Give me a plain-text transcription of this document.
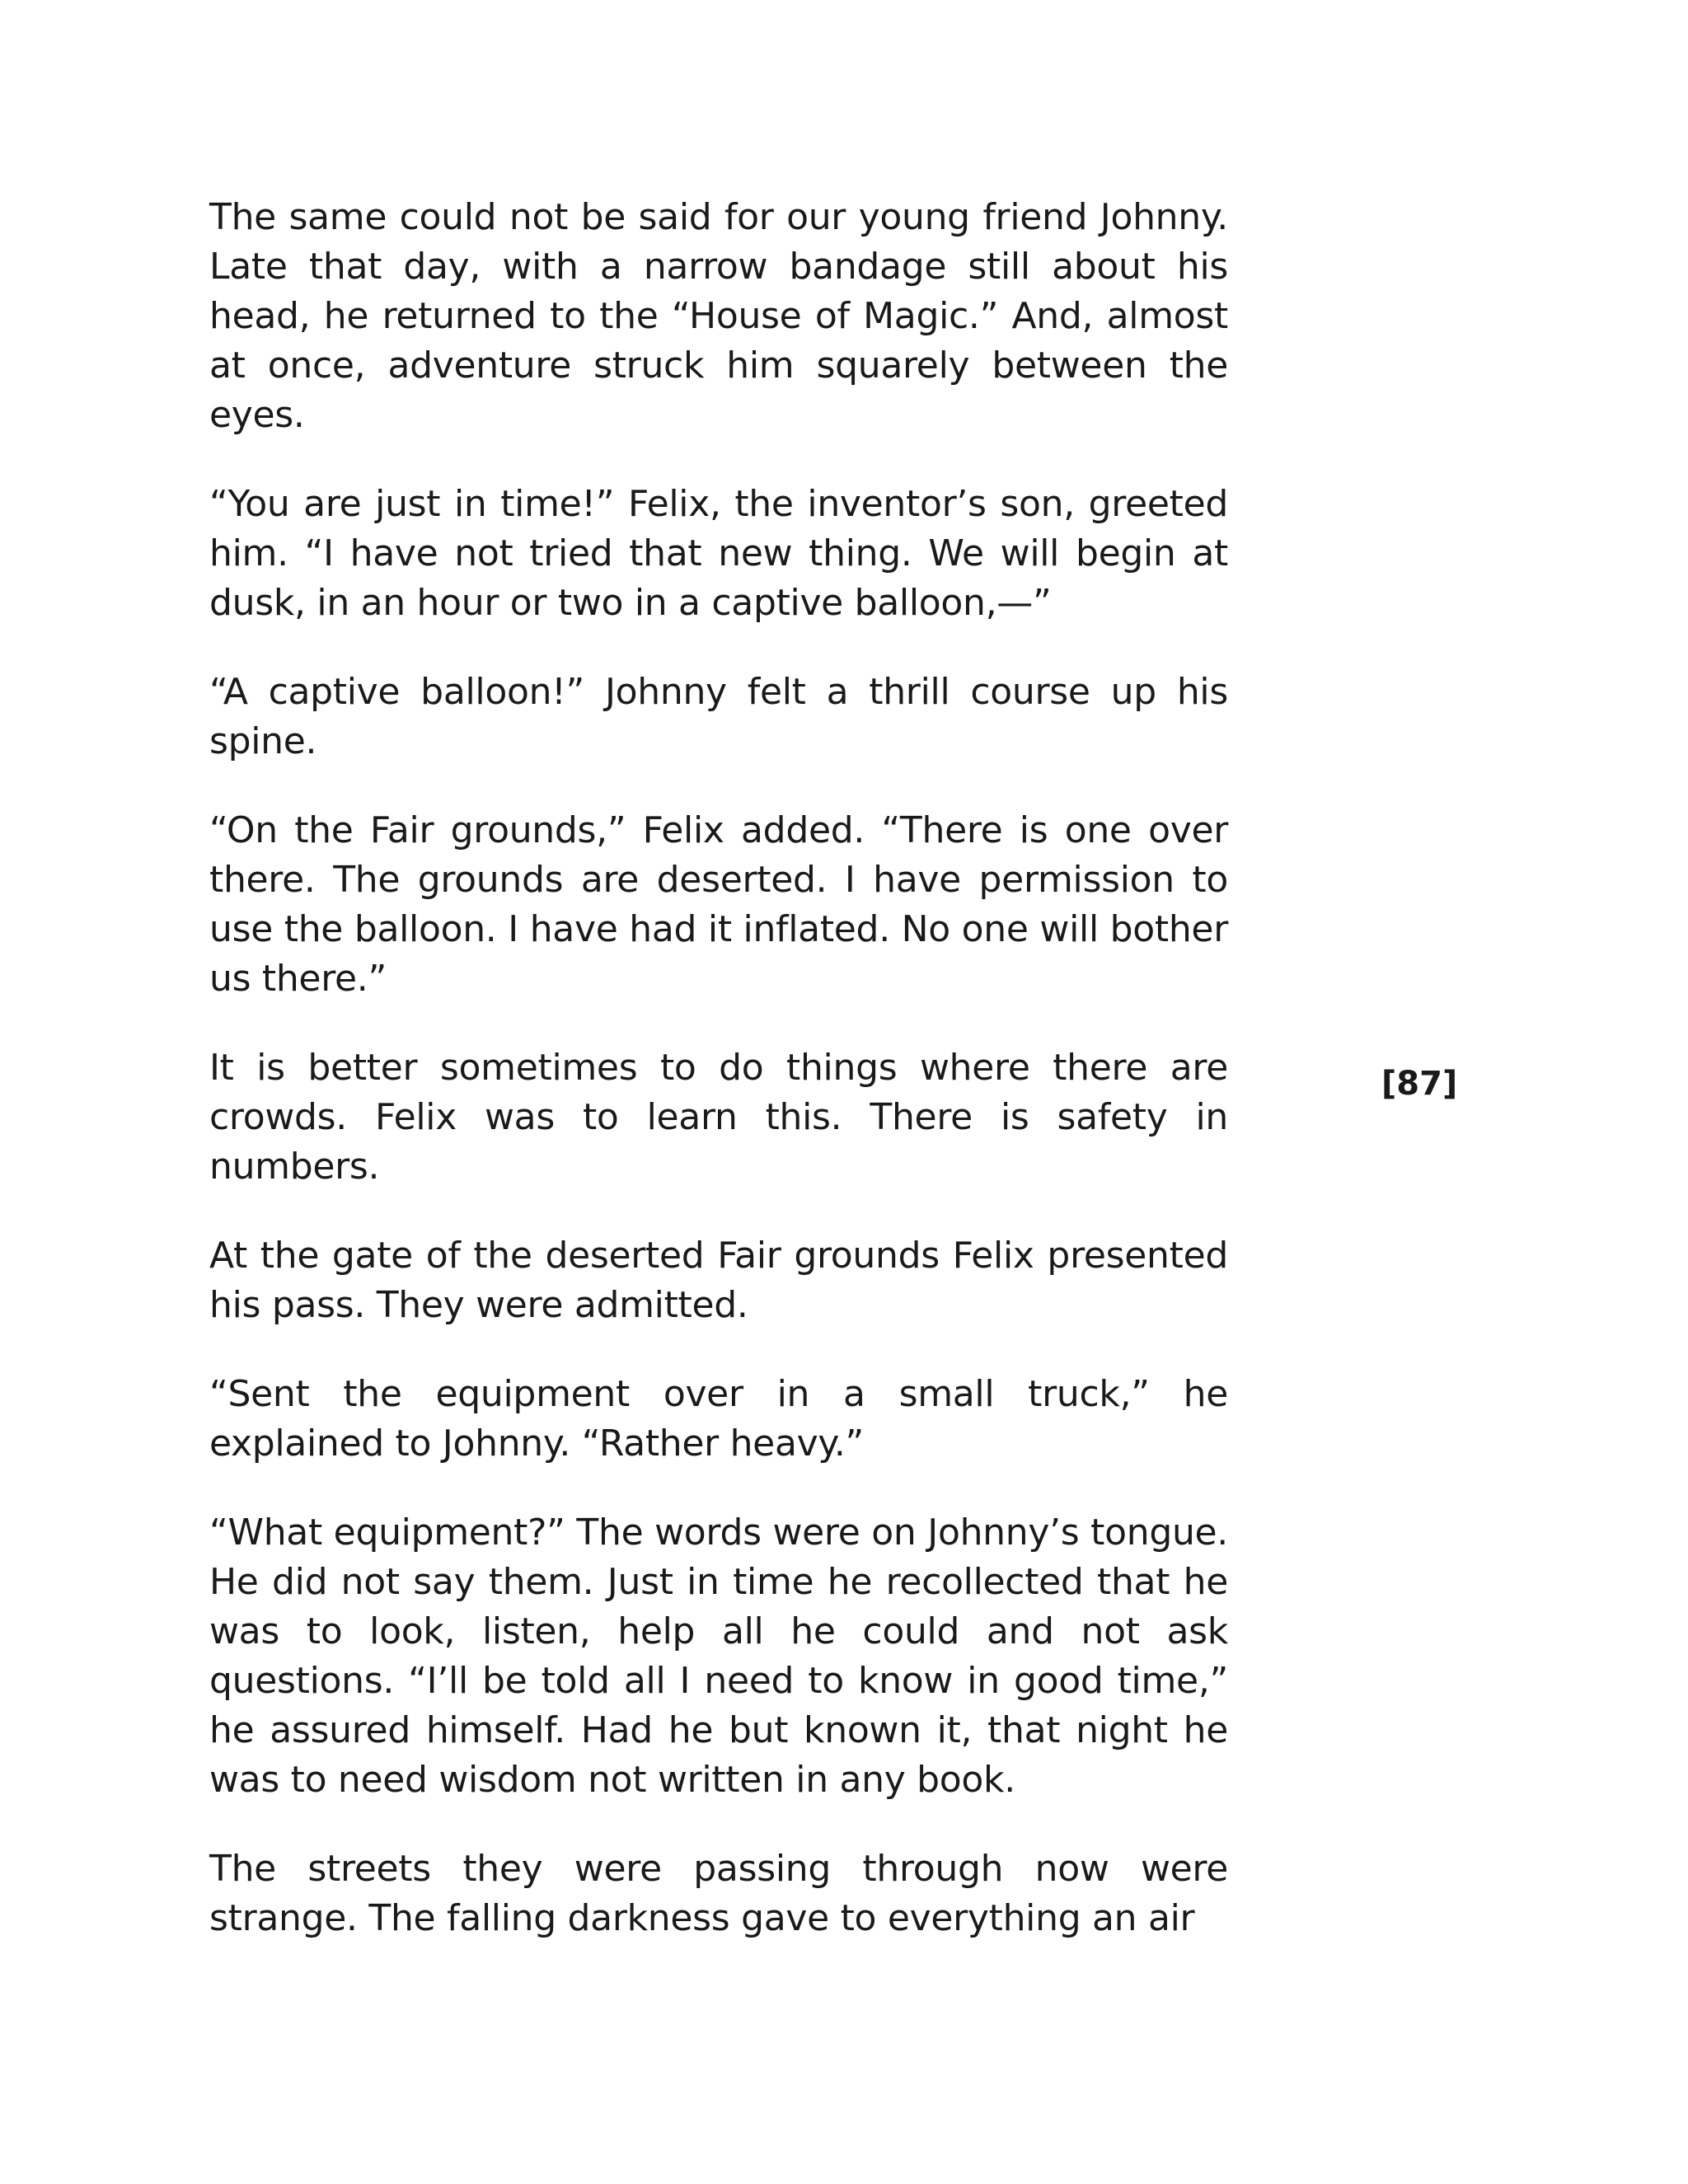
The same could not be said for our young friend Johnny. Late that day, with a narrow bandage still about his head, he returned to the “House of Magic.” And, almost at once, adventure struck him squarely between the eyes.

“You are just in time!” Felix, the inventor’s son, greeted him. “I have not tried that new thing. We will begin at dusk, in an hour or two in a captive balloon,—”

“A captive balloon!” Johnny felt a thrill course up his spine.

“On the Fair grounds,” Felix added. “There is one over there. The grounds are deserted. I have permission to use the balloon. I have had it inflated. No one will bother us there.”

It is better sometimes to do things where there are crowds. Felix was to learn this. There is safety in numbers.

At the gate of the deserted Fair grounds Felix presented his pass. They were admitted.

“Sent the equipment over in a small truck,” he explained to Johnny. “Rather heavy.”

“What equipment?” The words were on Johnny’s tongue. He did not say them. Just in time he recollected that he was to look, listen, help all he could and not ask questions. “I’ll be told all I need to know in good time,” he assured himself. Had he but known it, that night he was to need wisdom not written in any book.

The streets they were passing through now were strange. The falling darkness gave to everything an air

[87]
